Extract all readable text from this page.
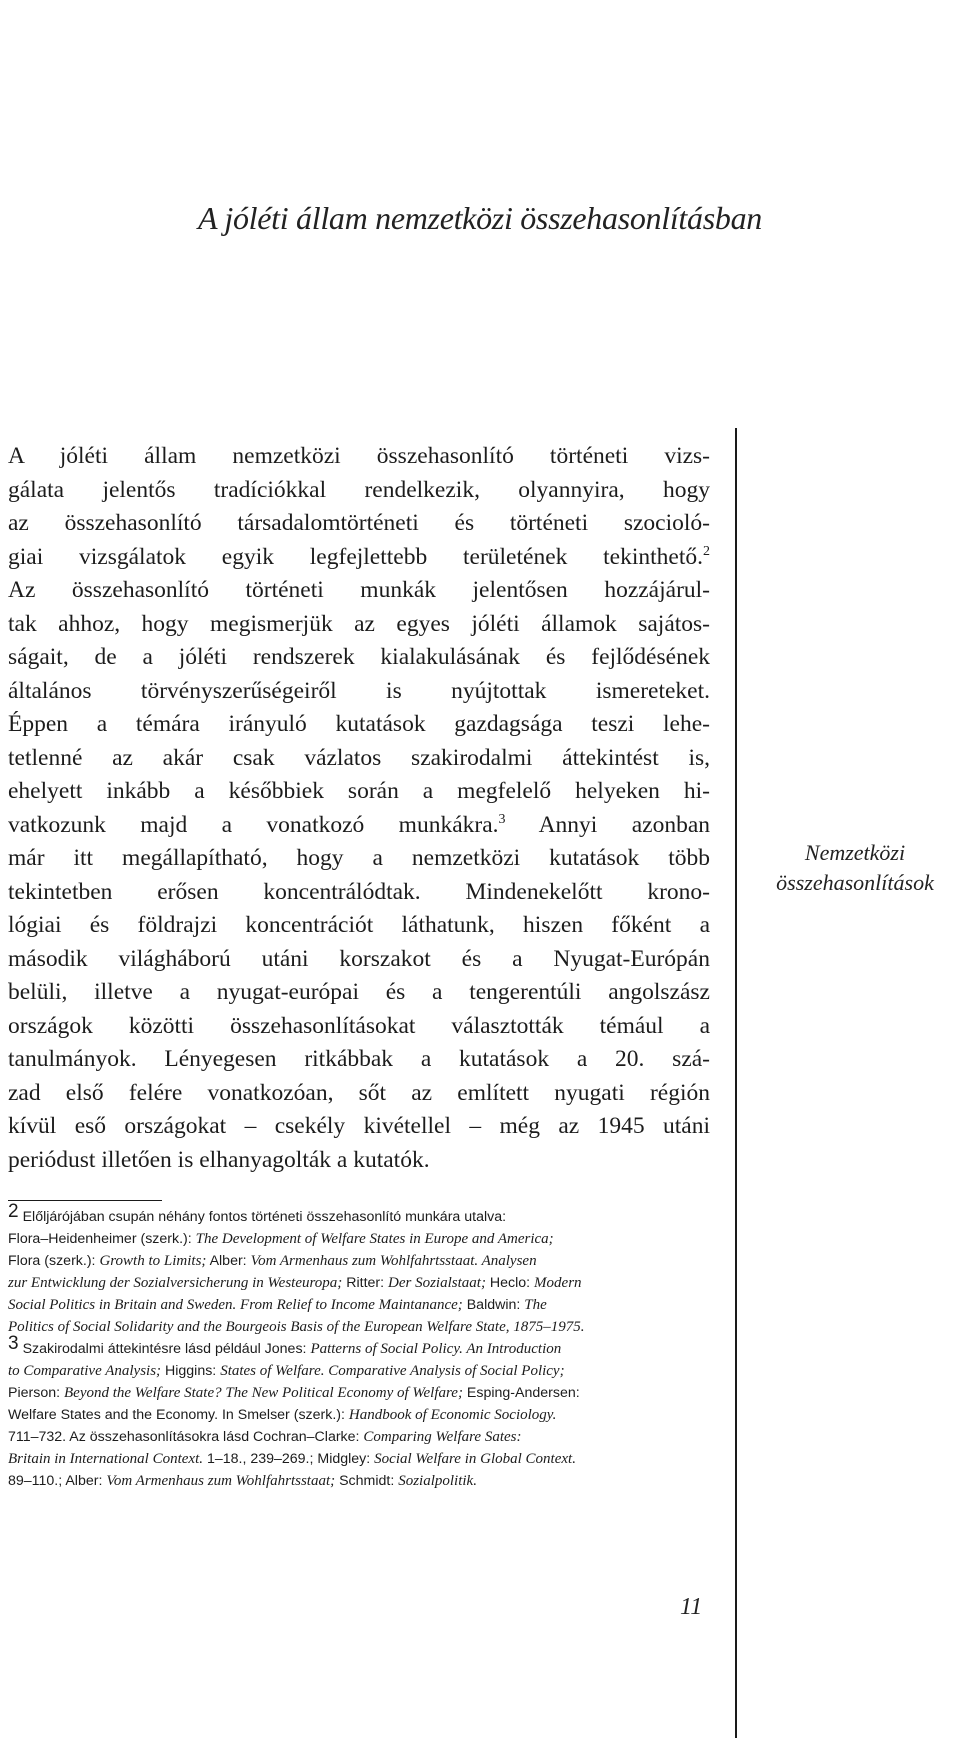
A jóléti állam nemzetközi összehasonlításban
A jóléti állam nemzetközi összehasonlító történeti vizs-
gálata jelentős tradíciókkal rendelkezik, olyannyira, hogy
az összehasonlító társadalomtörténeti és történeti szocioló-
giai vizsgálatok egyik legfejlettebb területének tekinthető.$^2$
Az összehasonlító történeti munkák jelentősen hozzájárul-
tak ahhoz, hogy megismerjük az egyes jóléti államok sajátos-
ságait, de a jóléti rendszerek kialakulásának és fejlődésének
általános törvényszerűségeiről is nyújtottak ismereteket.
Éppen a témára irányuló kutatások gazdagsága teszi lehe-
tetlenné az akár csak vázlatos szakirodalmi áttekintést is,
ehelyett inkább a későbbiek során a megfelelő helyeken hi-
vatkozunk majd a vonatkozó munkákra.$^3$ Annyi azonban
már itt megállapítható, hogy a nemzetközi kutatások több
tekintetben erősen koncentrálódtak. Mindenekelőtt krono-
lógiai és földrajzi koncentrációt láthatunk, hiszen főként a
második világháború utáni korszakot és a Nyugat-Európán
belüli, illetve a nyugat-európai és a tengerentúli angolszász
országok közötti összehasonlításokat választották témául a
tanulmányok. Lényegesen ritkábbak a kutatások a 20. szá-
zad első felére vonatkozóan, sőt az említett nyugati régión
kívül eső országokat – csekély kivétellel – még az 1945 utáni
periódust illetően is elhanyagolták a kutatók.
Nemzetközi
összehasonlítások
2 Előljárójában csupán néhány fontos történeti összehasonlító munkára utalva:
Flora–Heidenheimer (szerk.): The Development of Welfare States in Europe and America;
Flora (szerk.): Growth to Limits; Alber: Vom Armenhaus zum Wohlfahrtsstaat. Analysen
zur Entwicklung der Sozialversicherung in Westeuropa; Ritter: Der Sozialstaat; Heclo: Modern
Social Politics in Britain and Sweden. From Relief to Income Maintanance; Baldwin: The
Politics of Social Solidarity and the Bourgeois Basis of the European Welfare State, 1875–1975.
3 Szakirodalmi áttekintésre lásd például Jones: Patterns of Social Policy. An Introduction
to Comparative Analysis; Higgins: States of Welfare. Comparative Analysis of Social Policy;
Pierson: Beyond the Welfare State? The New Political Economy of Welfare; Esping-Andersen:
Welfare States and the Economy. In Smelser (szerk.): Handbook of Economic Sociology.
711–732. Az összehasonlításokra lásd Cochran–Clarke: Comparing Welfare Sates:
Britain in International Context. 1–18., 239–269.; Midgley: Social Welfare in Global Context.
89–110.; Alber: Vom Armenhaus zum Wohlfahrtsstaat; Schmidt: Sozialpolitik.
11
